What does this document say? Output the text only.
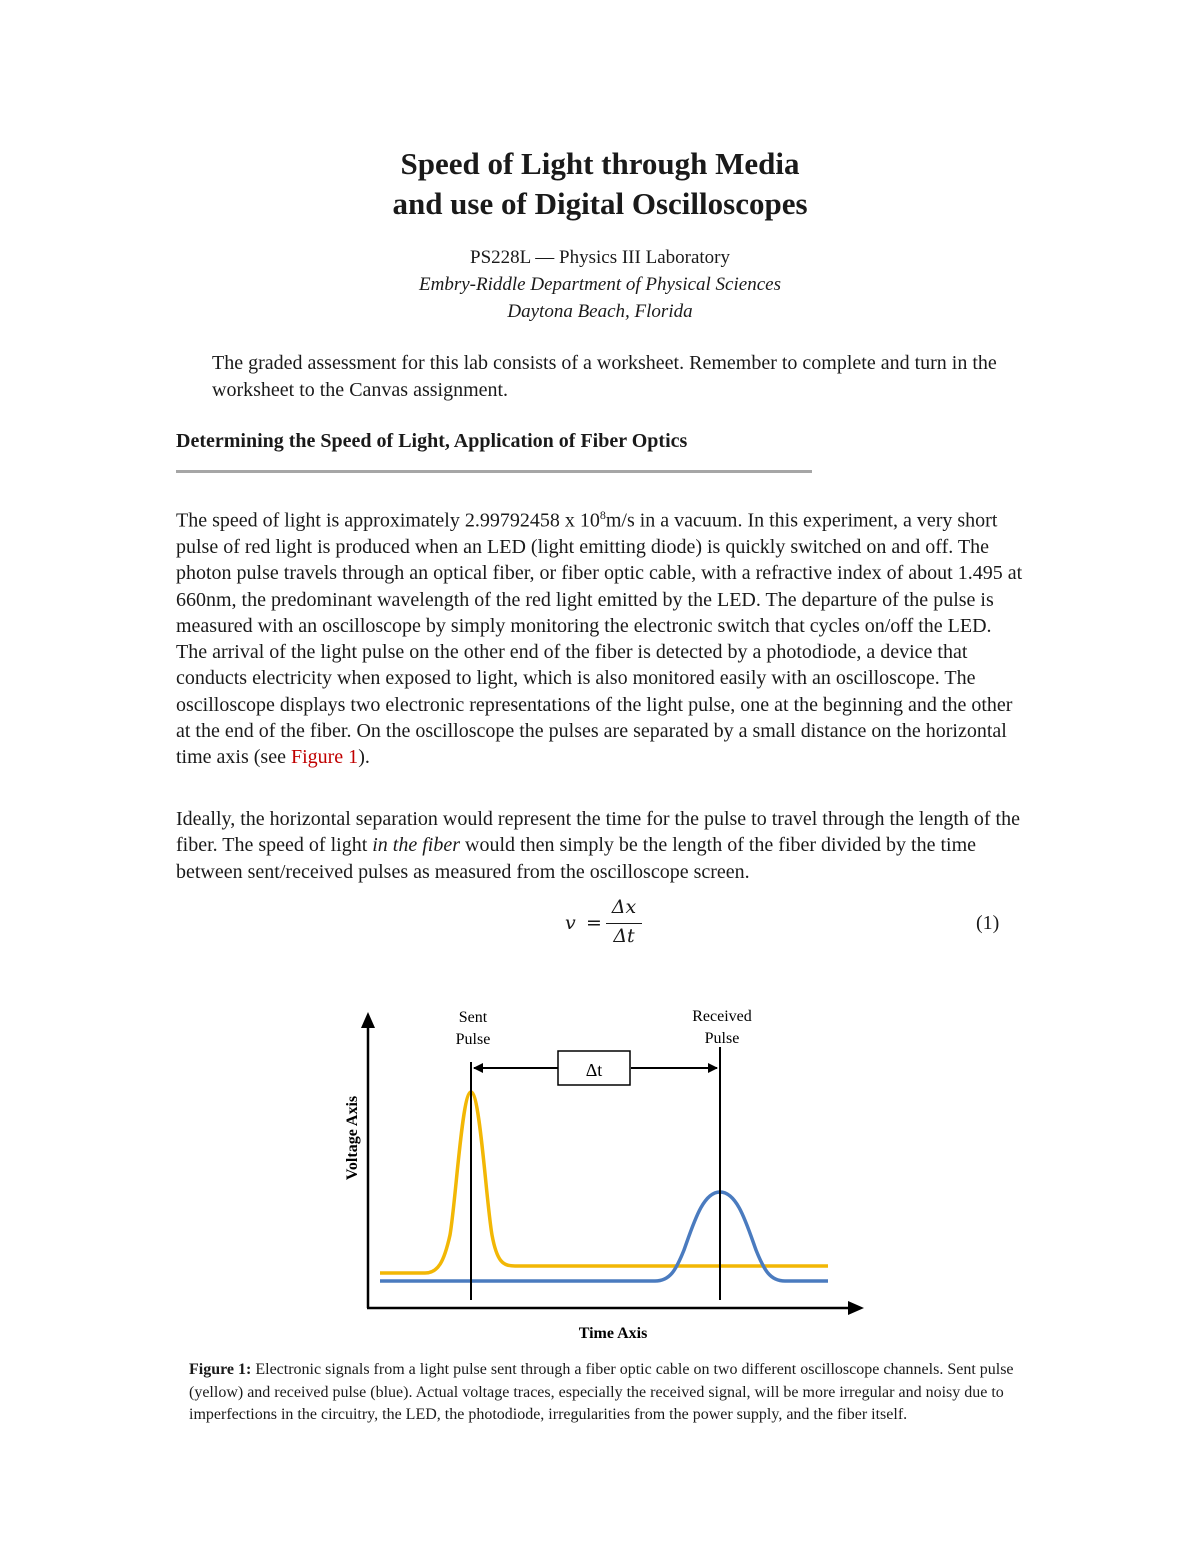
Speed of Light through Media
and use of Digital Oscilloscopes
PS228L — Physics III Laboratory
Embry-Riddle Department of Physical Sciences
Daytona Beach, Florida
The graded assessment for this lab consists of a worksheet. Remember to complete and turn in the worksheet to the Canvas assignment.
Determining the Speed of Light, Application of Fiber Optics

The speed of light is approximately 2.99792458 x $10^8m/s$ in a vacuum. In this experiment, a very short pulse of red light is produced when an LED (light emitting diode) is quickly switched on and off. The photon pulse travels through an optical fiber, or fiber optic cable, with a refractive index of about 1.495 at 660nm, the predominant wavelength of the red light emitted by the LED. The departure of the pulse is measured with an oscilloscope by simply monitoring the electronic switch that cycles on/off the LED. The arrival of the light pulse on the other end of the fiber is detected by a photodiode, a device that conducts electricity when exposed to light, which is also monitored easily with an oscilloscope. The oscilloscope displays two electronic representations of the light pulse, one at the beginning and the other at the end of the fiber. On the oscilloscope the pulses are separated by a small distance on the horizontal time axis (see Figure 1).

Ideally, the horizontal separation would represent the time for the pulse to travel through the length of the fiber. The speed of light in the fiber would then simply be the length of the fiber divided by the time between sent/received pulses as measured from the oscilloscope screen.

v =
Δx
Δt
(1)
Δt
Sent
Pulse
Received
Pulse
Voltage Axis
Time Axis

Figure 1: Electronic signals from a light pulse sent through a fiber optic cable on two different oscilloscope channels. Sent pulse (yellow) and received pulse (blue). Actual voltage traces, especially the received signal, will be more irregular and noisy due to imperfections in the circuitry, the LED, the photodiode, irregularities from the power supply, and the fiber itself.
